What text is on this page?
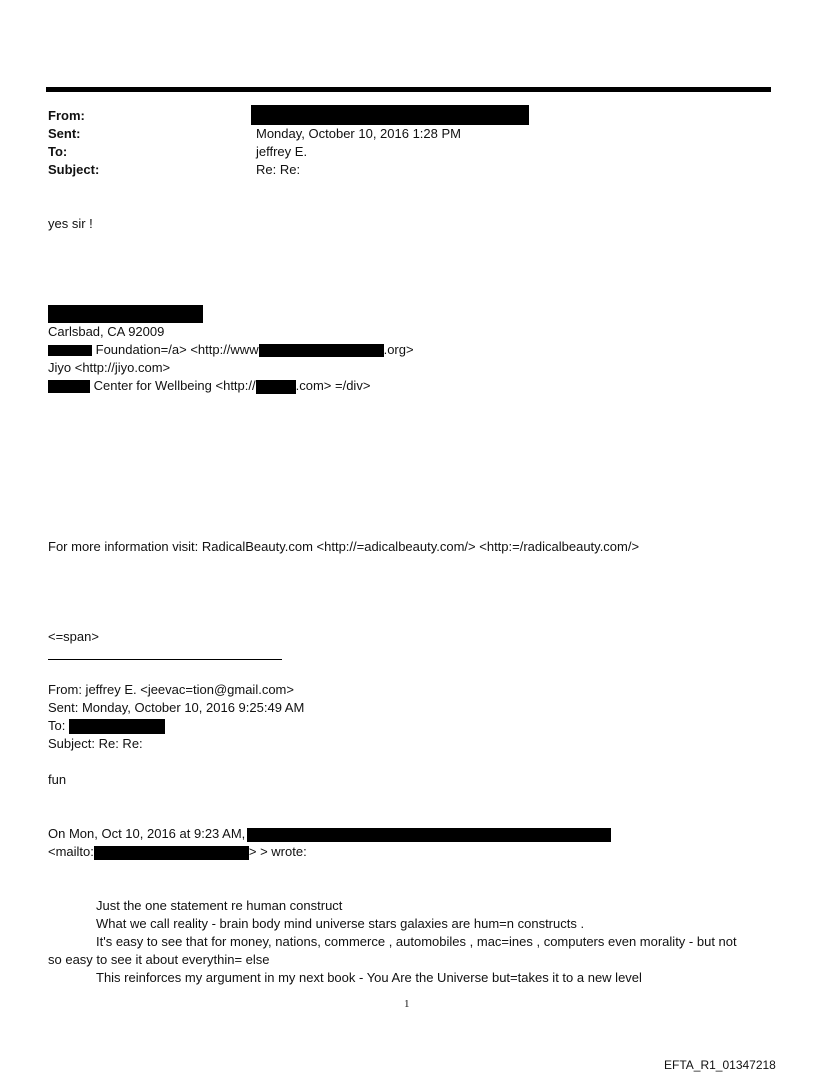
From:
Sent:	Monday, October 10, 2016 1:28 PM
To:	jeffrey E.
Subject:	Re: Re:
yes sir !
Carlsbad, CA 92009
Foundation=/a> <http://www	.org>
Jiyo <http://jiyo.com>
Center for Wellbeing <http://	.com> =/div>
For more information visit: RadicalBeauty.com <http://=adicalbeauty.com/> <http:=/radicalbeauty.com/>
<=span>
From: jeffrey E. <jeevac=tion@gmail.com>
Sent: Monday, October 10, 2016 9:25:49 AM
To:
Subject: Re: Re:
fun
On Mon, Oct 10, 2016 at 9:23 AM,
<mailto:	> > wrote:
Just the one statement re human construct
What we call reality - brain body mind universe stars galaxies are hum=n constructs .
It's easy to see that for money, nations, commerce , automobiles , mac=ines , computers even morality - but not
so easy to see it about everythin= else
This reinforces my argument in my next book - You Are the Universe but=takes it to a new level
1
EFTA_R1_01347218
